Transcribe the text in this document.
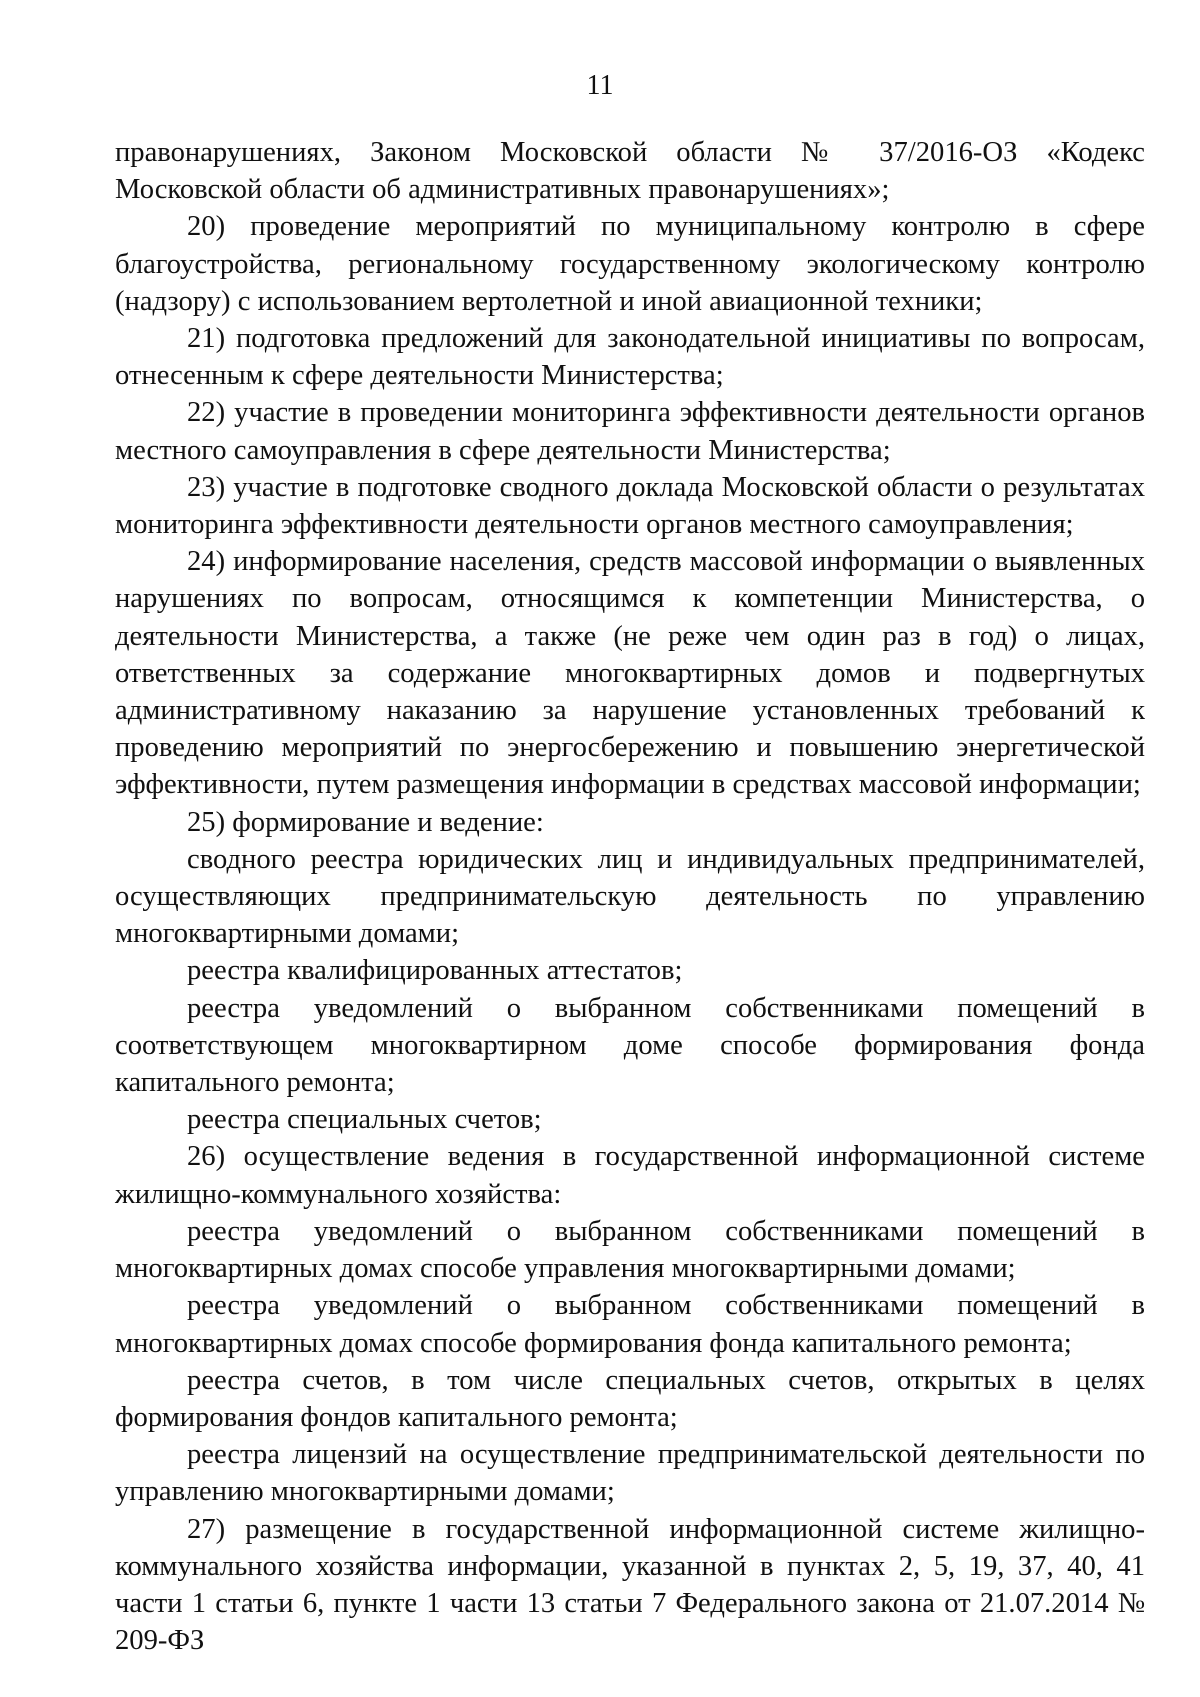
11

правонарушениях, Законом Московской области № 37/2016-ОЗ «Кодекс Московской области об административных правонарушениях»;

20) проведение мероприятий по муниципальному контролю в сфере благоустройства, региональному государственному экологическому контролю (надзору) с использованием вертолетной и иной авиационной техники;

21) подготовка предложений для законодательной инициативы по вопросам, отнесенным к сфере деятельности Министерства;

22) участие в проведении мониторинга эффективности деятельности органов местного самоуправления в сфере деятельности Министерства;

23) участие в подготовке сводного доклада Московской области о результатах мониторинга эффективности деятельности органов местного самоуправления;

24) информирование населения, средств массовой информации о выявленных нарушениях по вопросам, относящимся к компетенции Министерства, о деятельности Министерства, а также (не реже чем один раз в год) о лицах, ответственных за содержание многоквартирных домов и подвергнутых административному наказанию за нарушение установленных требований к проведению мероприятий по энергосбережению и повышению энергетической эффективности, путем размещения информации в средствах массовой информации;

25) формирование и ведение:

сводного реестра юридических лиц и индивидуальных предпринимателей, осуществляющих предпринимательскую деятельность по управлению многоквартирными домами;

реестра квалифицированных аттестатов;

реестра уведомлений о выбранном собственниками помещений в соответствующем многоквартирном доме способе формирования фонда капитального ремонта;

реестра специальных счетов;

26) осуществление ведения в государственной информационной системе жилищно-коммунального хозяйства:

реестра уведомлений о выбранном собственниками помещений в многоквартирных домах способе управления многоквартирными домами;

реестра уведомлений о выбранном собственниками помещений в многоквартирных домах способе формирования фонда капитального ремонта;

реестра счетов, в том числе специальных счетов, открытых в целях формирования фондов капитального ремонта;

реестра лицензий на осуществление предпринимательской деятельности по управлению многоквартирными домами;

27) размещение в государственной информационной системе жилищно-коммунального хозяйства информации, указанной в пунктах 2, 5, 19, 37, 40, 41 части 1 статьи 6, пункте 1 части 13 статьи 7 Федерального закона от 21.07.2014 № 209-ФЗ
